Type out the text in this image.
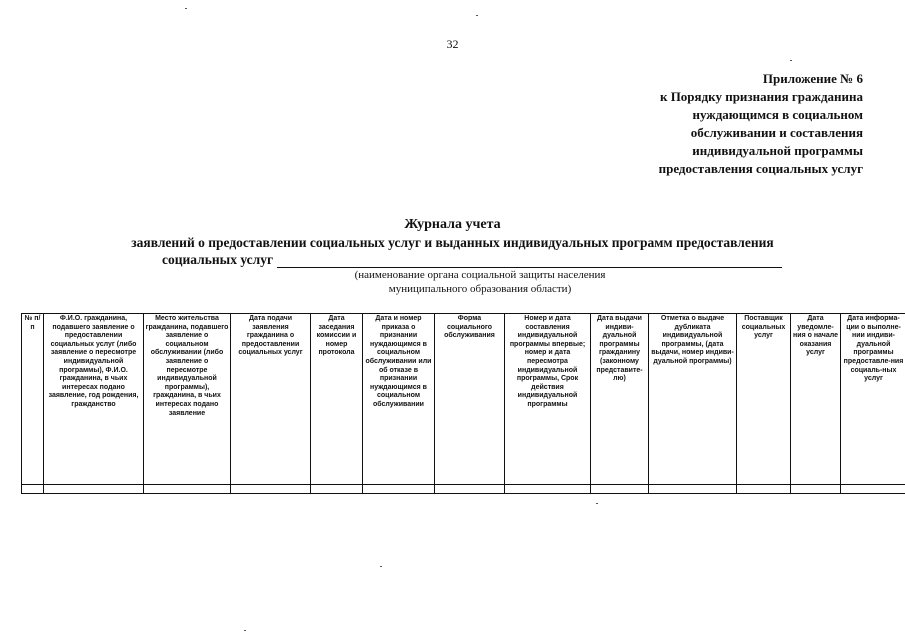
32
Приложение № 6
к Порядку признания гражданина
нуждающимся в социальном
обслуживании и составления
индивидуальной программы
предоставления социальных услуг
Журнала учета
заявлений о предоставлении социальных услуг и выданных индивидуальных программ предоставления
социальных услуг
(наименование органа социальной защиты населения
муниципального образования области)
№ п/п	Ф.И.О. гражданина, подавшего заявление о предоставлении социальных услуг (либо заявление о пересмотре индивидуальной программы), Ф.И.О. гражданина, в чьих интересах подано заявление, год рождения, гражданство	Место жительства гражданина, подавшего заявление о социальном обслуживании (либо заявление о пересмотре индивидуальной программы), гражданина, в чьих интересах подано заявление	Дата подачи заявления гражданина о предоставлении социальных услуг	Дата заседания комиссии и номер протокола	Дата и номер приказа о признании нуждающимся в социальном обслуживании или об отказе в признании нуждающимся в социальном обслуживании	Форма социального обслуживания	Номер и дата составления индивидуальной программы впервые; номер и дата пересмотра индивидуальной программы, Срок действия индивидуальной программы	Дата выдачи индиви-дуальной программы гражданину (законному представите-лю)	Отметка о выдаче дубликата индивидуальной программы, (дата выдачи, номер индиви-дуальной программы)	Поставщик социальных услуг	Дата уведомле-ния о начале оказания услуг	Дата информа-ции о выполне-нии индиви-дуальной программы предоставле-ния социаль-ных услуг
